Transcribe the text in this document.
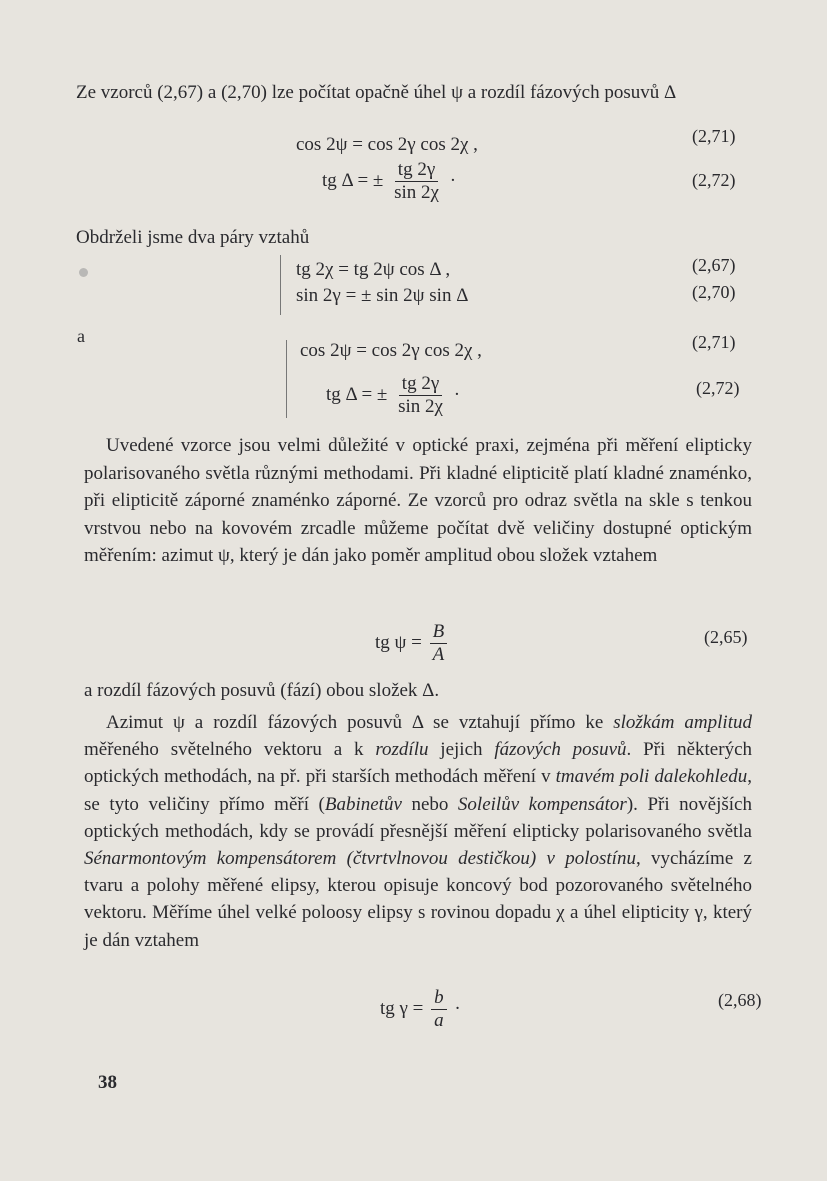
Ze vzorců (2,67) a (2,70) lze počítat opačně úhel ψ a rozdíl fázových posuvů Δ
cos 2ψ = cos 2γ cos 2χ ,	(2,71)
tg Δ = ± $\frac{tg 2\gamma}{\sin 2\chi}$ ·	(2,72)
Obdrželi jsme dva páry vztahů
tg 2χ = tg 2ψ cos Δ ,	(2,67)
sin 2γ = ± sin 2ψ sin Δ	(2,70)
a
cos 2ψ = cos 2γ cos 2χ ,	(2,71)
tg Δ = ± $\frac{tg 2\gamma}{\sin 2\chi}$ ·	(2,72)
Uvedené vzorce jsou velmi důležité v optické praxi, zejména při měření elipticky polarisovaného světla různými methodami. Při kladné elipticitě platí kladné znaménko, při elipticitě záporné znaménko záporné. Ze vzorců pro odraz světla na skle s tenkou vrstvou nebo na kovovém zrcadle můžeme počítat dvě veličiny dostupné optickým měřením: azimut ψ, který je dán jako poměr amplitud obou složek vztahem
tg $\psi = \frac{B}{A}$	(2,65)
a rozdíl fázových posuvů (fází) obou složek Δ.
Azimut ψ a rozdíl fázových posuvů Δ se vztahují přímo ke složkám amplitud měřeného světelného vektoru a k rozdílu jejich fázových posuvů. Při některých optických methodách, na př. při starších methodách měření v tmavém poli dalekohledu, se tyto veličiny přímo měří (Babinetův nebo Soleilův kompensátor). Při novějších optických methodách, kdy se provádí přesnější měření elipticky polarisovaného světla Sénarmontovým kompensátorem (čtvrtvlnovou destičkou) v polostínu, vycházíme z tvaru a polohy měřené elipsy, kterou opisuje koncový bod pozorovaného světelného vektoru. Měříme úhel velké poloosy elipsy s rovinou dopadu χ a úhel elipticity γ, který je dán vztahem
tg $\gamma = \frac{b}{a}$ ·	(2,68)
38
